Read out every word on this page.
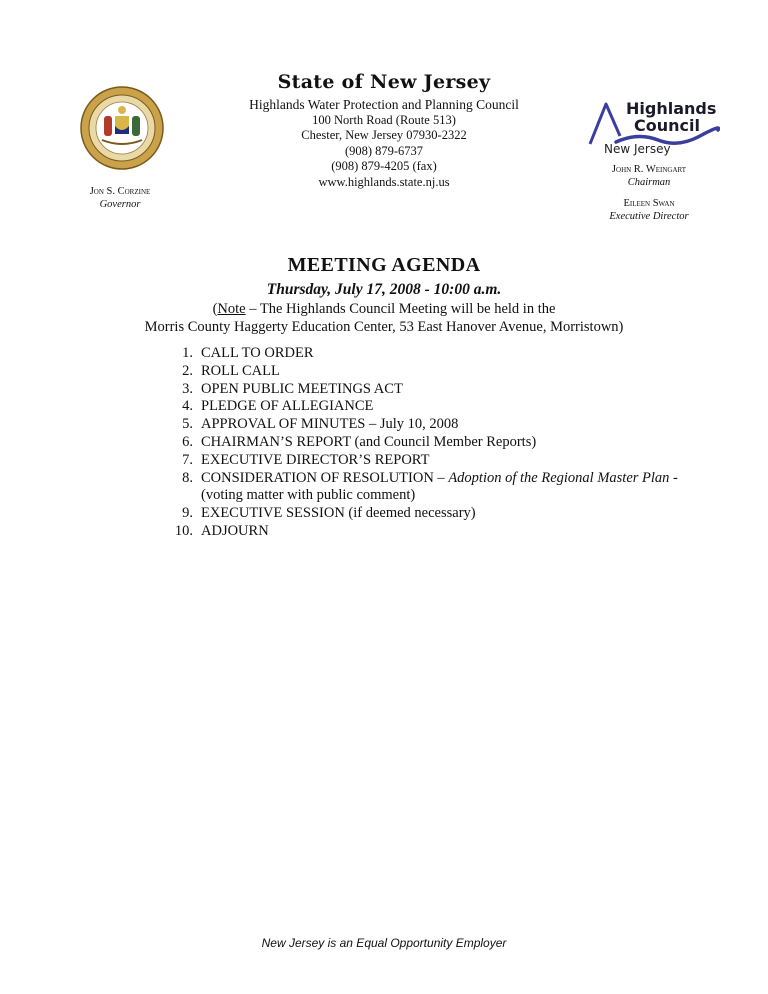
State of New Jersey
Highlands Water Protection and Planning Council
100 North Road (Route 513)
Chester, New Jersey 07930-2322
(908) 879-6737
(908) 879-4205 (fax)
www.highlands.state.nj.us
Jon S. Corzine
Governor
Highlands
Council
New Jersey
John R. Weingart
Chairman
Eileen Swan
Executive Director
MEETING AGENDA
Thursday, July 17, 2008 - 10:00 a.m.
(Note – The Highlands Council Meeting will be held in the
Morris County Haggerty Education Center, 53 East Hanover Avenue, Morristown)
1. CALL TO ORDER
2. ROLL CALL
3. OPEN PUBLIC MEETINGS ACT
4. PLEDGE OF ALLEGIANCE
5. APPROVAL OF MINUTES – July 10, 2008
6. CHAIRMAN’S REPORT (and Council Member Reports)
7. EXECUTIVE DIRECTOR’S REPORT
8. CONSIDERATION OF RESOLUTION – Adoption of the Regional Master Plan -
(voting matter with public comment)
9. EXECUTIVE SESSION (if deemed necessary)
10. ADJOURN
New Jersey is an Equal Opportunity Employer
